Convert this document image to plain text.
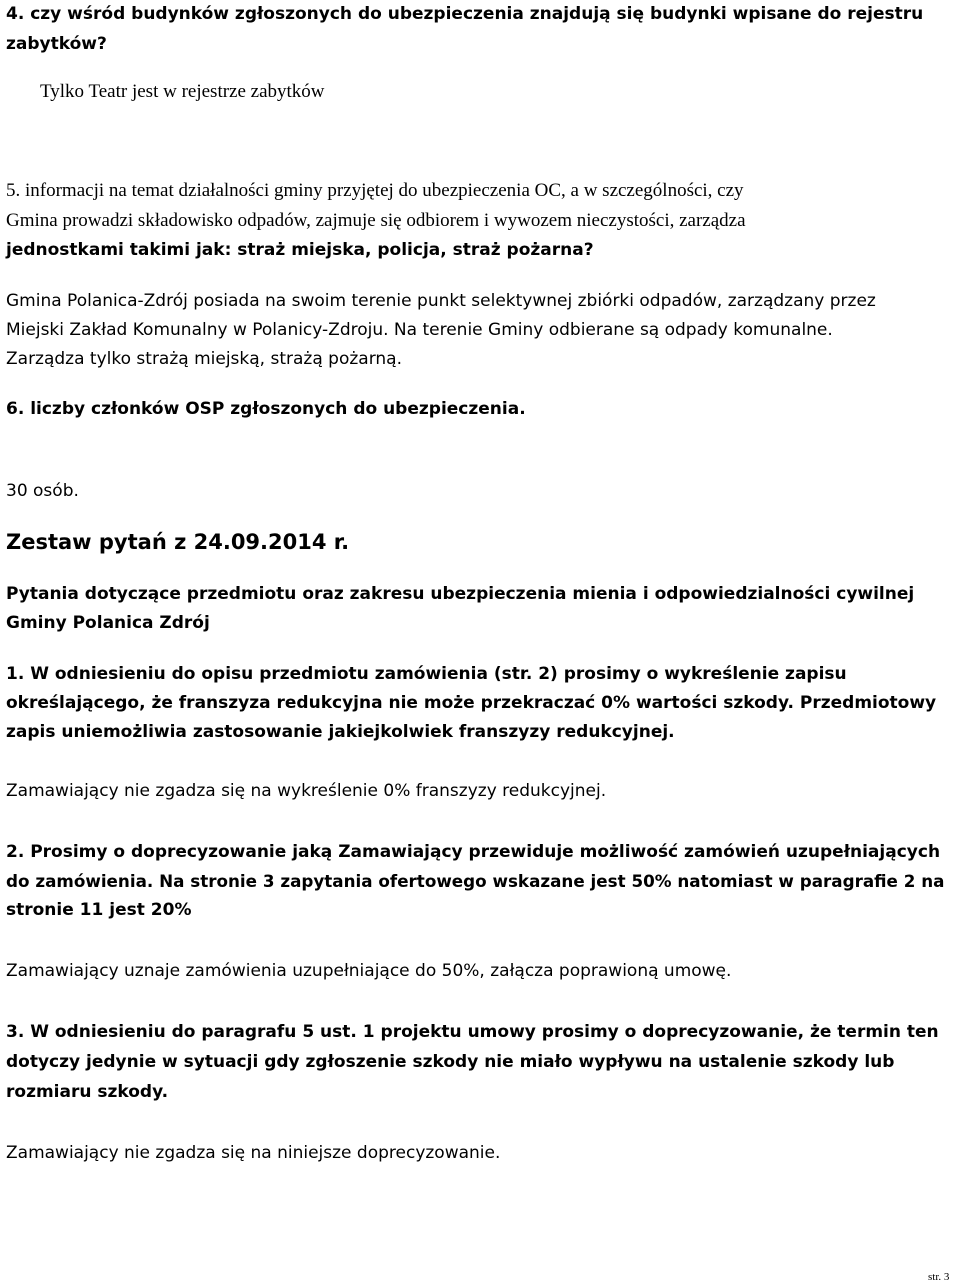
4. czy wśród budynków zgłoszonych do ubezpieczenia znajdują się budynki wpisane do rejestru
zabytków?
Tylko Teatr jest w rejestrze zabytków
5. informacji na temat działalności gminy przyjętej do ubezpieczenia OC, a w szczególności, czy
Gmina prowadzi składowisko odpadów, zajmuje się odbiorem i wywozem nieczystości, zarządza
jednostkami takimi jak: straż miejska, policja, straż pożarna?
Gmina Polanica-Zdrój posiada na swoim terenie punkt selektywnej zbiórki odpadów, zarządzany przez
Miejski Zakład Komunalny w Polanicy-Zdroju. Na terenie Gminy odbierane są odpady komunalne.
Zarządza tylko strażą miejską, strażą pożarną.
6. liczby członków OSP zgłoszonych do ubezpieczenia.
30 osób.
Zestaw pytań z 24.09.2014 r.
Pytania dotyczące przedmiotu oraz zakresu ubezpieczenia mienia i odpowiedzialności cywilnej
Gminy Polanica Zdrój
1. W odniesieniu do opisu przedmiotu zamówienia (str. 2) prosimy o wykreślenie zapisu
określającego, że franszyza redukcyjna nie może przekraczać 0% wartości szkody. Przedmiotowy
zapis uniemożliwia zastosowanie jakiejkolwiek franszyzy redukcyjnej.
Zamawiający nie zgadza się na wykreślenie 0% franszyzy redukcyjnej.
2. Prosimy o doprecyzowanie jaką Zamawiający przewiduje możliwość zamówień uzupełniających
do zamówienia. Na stronie 3 zapytania ofertowego wskazane jest 50% natomiast w paragrafie 2 na
stronie 11 jest 20%
Zamawiający uznaje zamówienia uzupełniające do 50%, załącza poprawioną umowę.
3. W odniesieniu do paragrafu 5 ust. 1 projektu umowy prosimy o doprecyzowanie, że termin ten
dotyczy jedynie w sytuacji gdy zgłoszenie szkody nie miało wypływu na ustalenie szkody lub
rozmiaru szkody.
Zamawiający nie zgadza się na niniejsze doprecyzowanie.
str. 3
